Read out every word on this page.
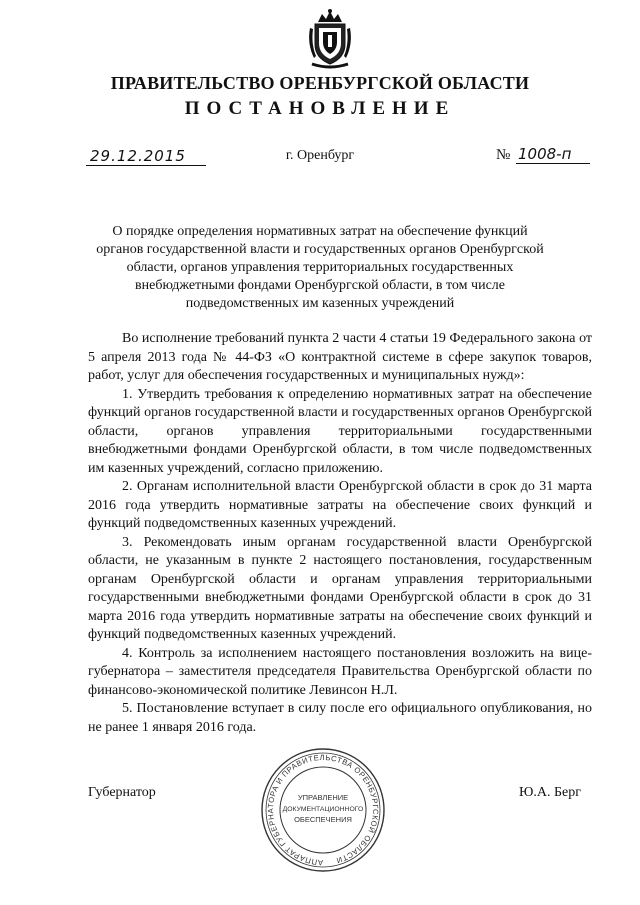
ПРАВИТЕЛЬСТВО ОРЕНБУРГСКОЙ ОБЛАСТИ
ПОСТАНОВЛЕНИЕ
29.12.2015	г. Оренбург	№ 1008-п
О порядке определения нормативных затрат на обеспечение функций органов государственной власти и государственных органов Оренбургской области, органов управления территориальных государственных внебюджетными фондами Оренбургской области, в том числе подведомственных им казенных учреждений

Во исполнение требований пункта 2 части 4 статьи 19 Федерального закона от 5 апреля 2013 года № 44-ФЗ «О контрактной системе в сфере закупок товаров, работ, услуг для обеспечения государственных и муниципальных нужд»:

1. Утвердить требования к определению нормативных затрат на обеспечение функций органов государственной власти и государственных органов Оренбургской области, органов управления территориальными государственными внебюджетными фондами Оренбургской области, в том числе подведомственных им казенных учреждений, согласно приложению.

2. Органам исполнительной власти Оренбургской области в срок до 31 марта 2016 года утвердить нормативные затраты на обеспечение своих функций и функций подведомственных казенных учреждений.

3. Рекомендовать иным органам государственной власти Оренбургской области, не указанным в пункте 2 настоящего постановления, государственным органам Оренбургской области и органам управления территориальными государственными внебюджетными фондами Оренбургской области в срок до 31 марта 2016 года утвердить нормативные затраты на обеспечение своих функций и функций подведомственных казенных учреждений.

4. Контроль за исполнением настоящего постановления возложить на вице-губернатора – заместителя председателя Правительства Оренбургской области по финансово-экономической политике Левинсон Н.Л.

5. Постановление вступает в силу после его официального опубликования, но не ранее 1 января 2016 года.

Губернатор	Ю.А. Берг
АППАРАТ ГУБЕРНАТОРА И ПРАВИТЕЛЬСТВА ОРЕНБУРГСКОЙ ОБЛАСТИ
УПРАВЛЕНИЕ
ДОКУМЕНТАЦИОННОГО
ОБЕСПЕЧЕНИЯ
